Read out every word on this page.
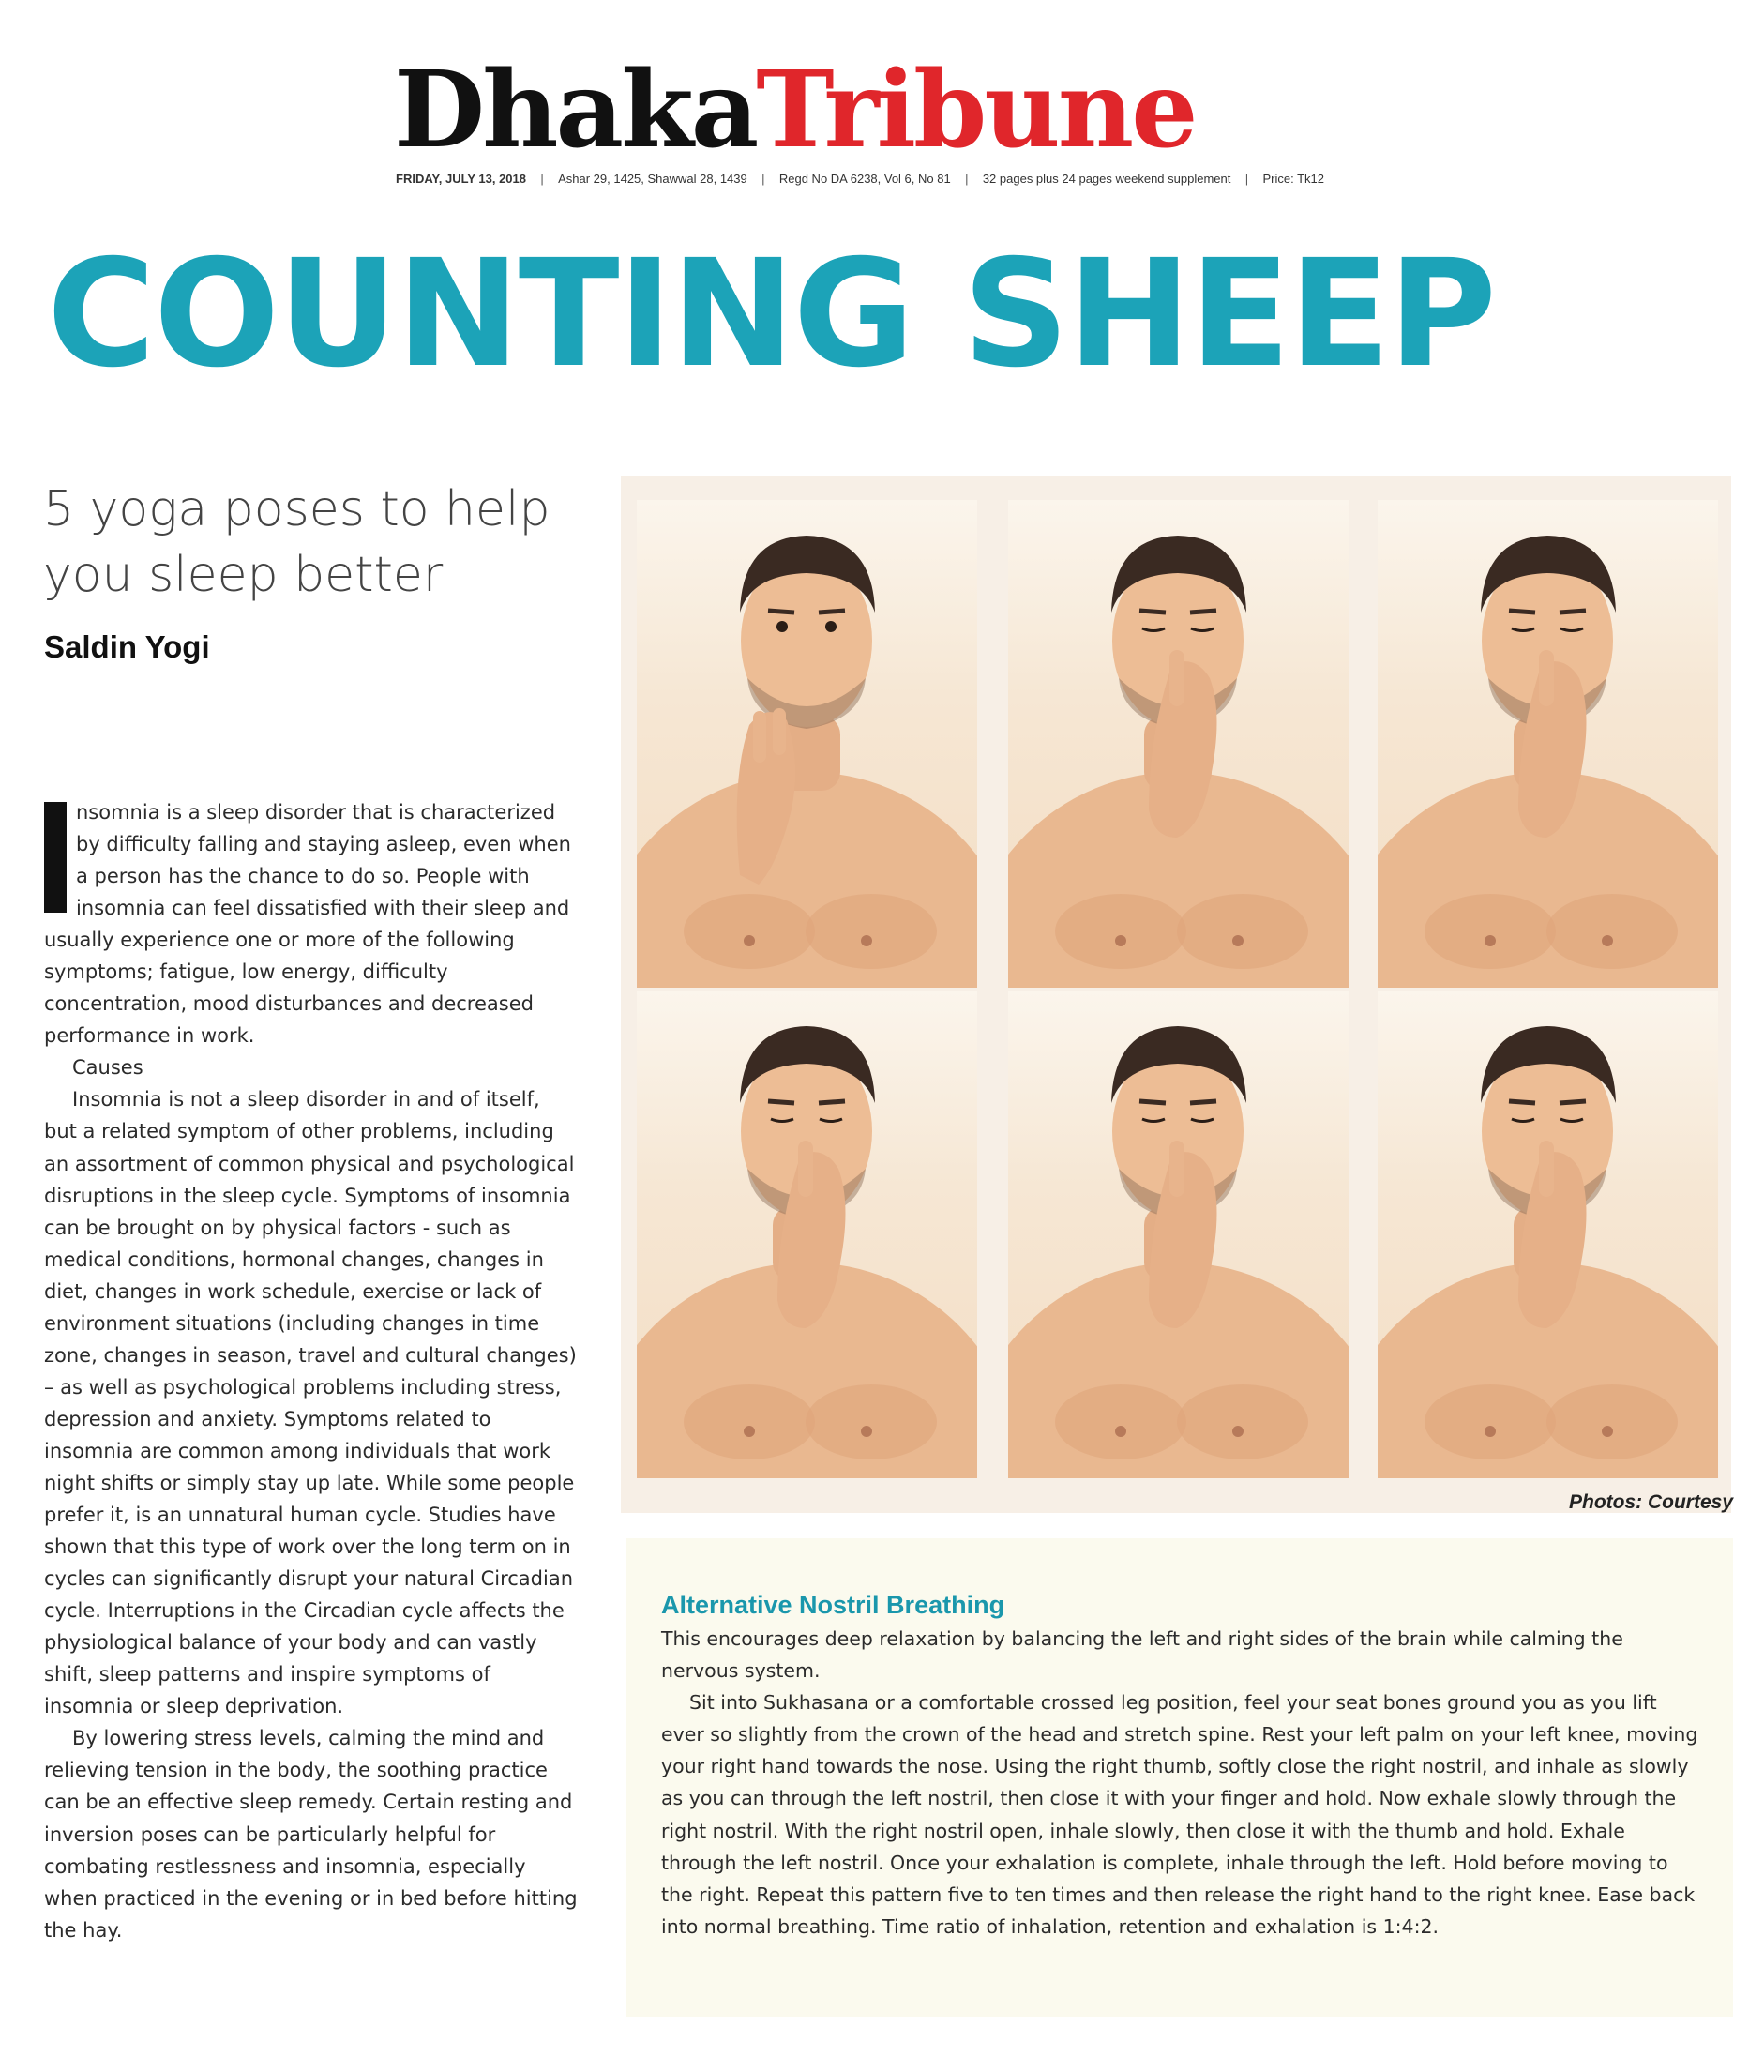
DhakaTribune
FRIDAY, JULY 13, 2018 | Ashar 29, 1425, Shawwal 28, 1439 | Regd No DA 6238, Vol 6, No 81 | 32 pages plus 24 pages weekend supplement | Price: Tk12
COUNTING SHEEP
5 yoga poses to help you sleep better
Saldin Yogi

nsomnia is a sleep disorder that is characterized by difficulty falling and staying asleep, even when a person has the chance to do so. People with insomnia can feel dissatisfied with their sleep and usually experience one or more of the following symptoms; fatigue, low energy, difficulty concentration, mood disturbances and decreased performance in work.

Causes

Insomnia is not a sleep disorder in and of itself, but a related symptom of other problems, including an assortment of common physical and psychological disruptions in the sleep cycle. Symptoms of insomnia can be brought on by physical factors - such as medical conditions, hormonal changes, changes in diet, changes in work schedule, exercise or lack of environment situations (including changes in time zone, changes in season, travel and cultural changes) – as well as psychological problems including stress, depression and anxiety. Symptoms related to insomnia are common among individuals that work night shifts or simply stay up late. While some people prefer it, is an unnatural human cycle. Studies have shown that this type of work over the long term on in cycles can significantly disrupt your natural Circadian cycle. Interruptions in the Circadian cycle affects the physiological balance of your body and can vastly shift, sleep patterns and inspire symptoms of insomnia or sleep deprivation.

By lowering stress levels, calming the mind and relieving tension in the body, the soothing practice can be an effective sleep remedy. Certain resting and inversion poses can be particularly helpful for combating restlessness and insomnia, especially when practiced in the evening or in bed before hitting the hay.

Photos: Courtesy
Alternative Nostril Breathing

This encourages deep relaxation by balancing the left and right sides of the brain while calming the nervous system.

Sit into Sukhasana or a comfortable crossed leg position, feel your seat bones ground you as you lift ever so slightly from the crown of the head and stretch spine. Rest your left palm on your left knee, moving your right hand towards the nose. Using the right thumb, softly close the right nostril, and inhale as slowly as you can through the left nostril, then close it with your finger and hold. Now exhale slowly through the right nostril. With the right nostril open, inhale slowly, then close it with the thumb and hold. Exhale through the left nostril. Once your exhalation is complete, inhale through the left. Hold before moving to the right. Repeat this pattern five to ten times and then release the right hand to the right knee. Ease back into normal breathing. Time ratio of inhalation, retention and exhalation is 1:4:2.
